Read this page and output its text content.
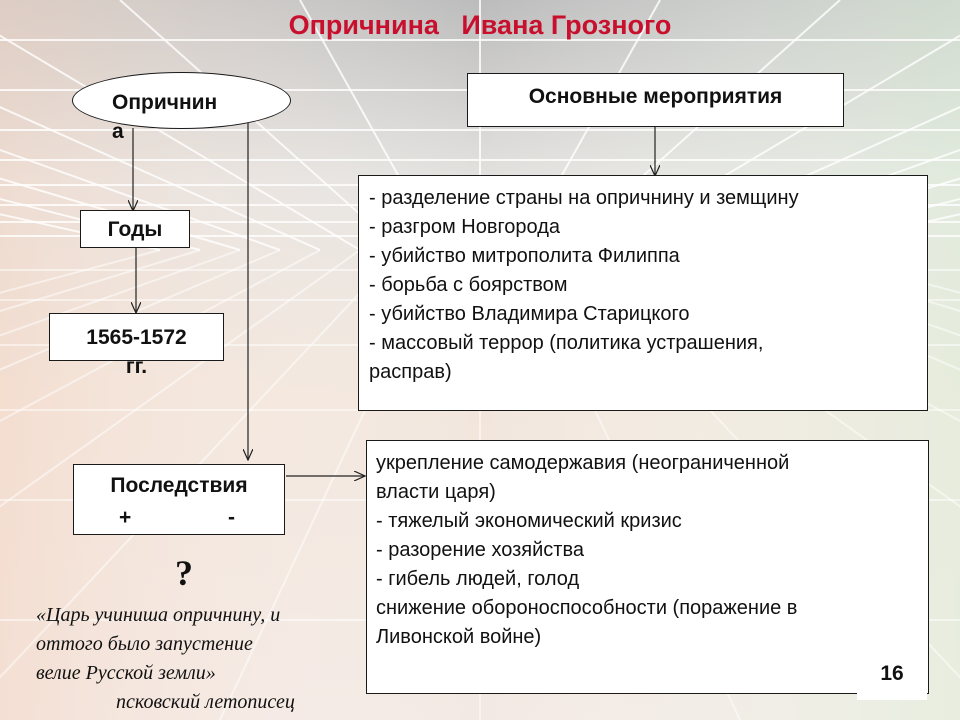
Опричнина   Ивана Грозного
Опричнин
а
Годы
1565-1572
гг.
Последствия
+	-
Основные мероприятия
- разделение страны на опричнину и земщину
- разгром Новгорода
- убийство митрополита Филиппа
- борьба с боярством
- убийство Владимира Старицкого
- массовый террор (политика устрашения,
расправ)
укрепление самодержавия (неограниченной
власти царя)
- тяжелый экономический кризис
- разорение хозяйства
- гибель людей, голод
снижение обороноспособности (поражение в
Ливонской войне)
?
«Царь учиниша опричнину, и
оттого было запустение
велие Русской земли»
псковский летописец
16
